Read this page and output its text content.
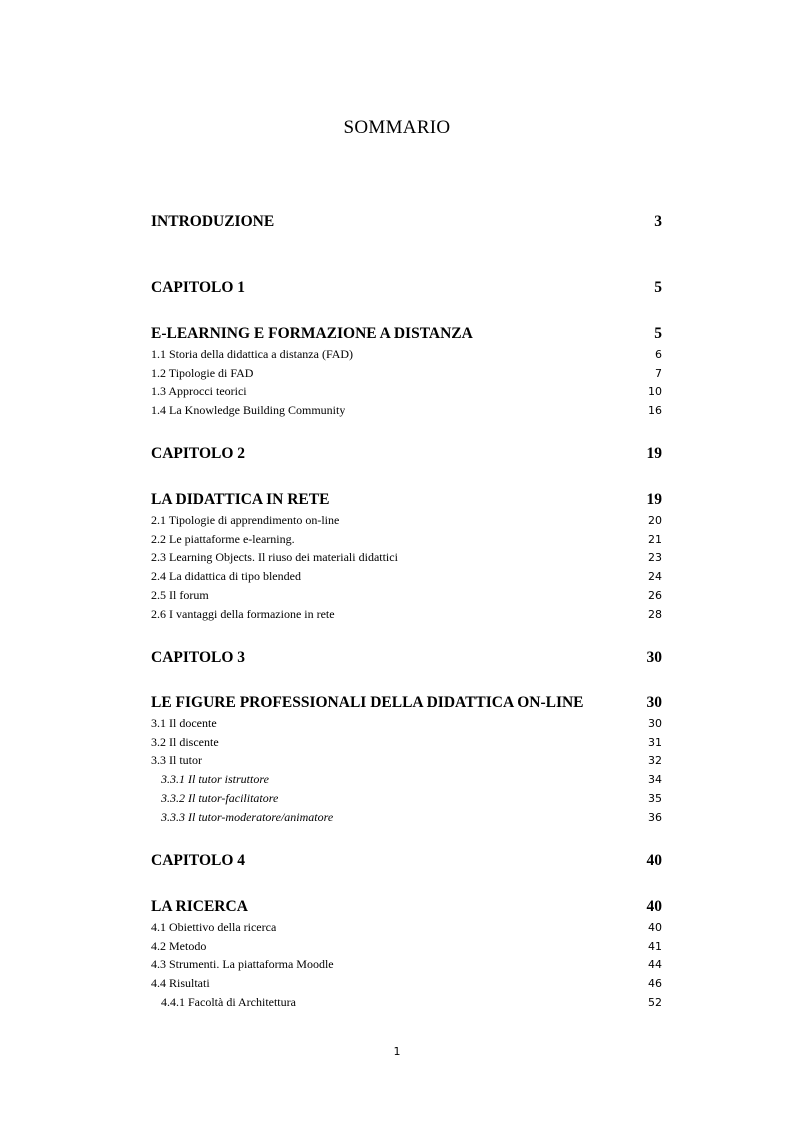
SOMMARIO
INTRODUZIONE	3
CAPITOLO 1	5
E-LEARNING E FORMAZIONE A DISTANZA	5
1.1 Storia della didattica a distanza (FAD)	6
1.2 Tipologie di FAD	7
1.3 Approcci teorici	10
1.4 La Knowledge Building Community	16
CAPITOLO 2	19
LA DIDATTICA IN RETE	19
2.1 Tipologie di apprendimento on-line	20
2.2 Le piattaforme e-learning.	21
2.3 Learning Objects. Il riuso dei materiali didattici	23
2.4 La didattica di tipo blended	24
2.5 Il forum	26
2.6 I vantaggi della formazione in rete	28
CAPITOLO 3	30
LE FIGURE PROFESSIONALI DELLA DIDATTICA ON-LINE	30
3.1 Il docente	30
3.2 Il discente	31
3.3 Il tutor	32
3.3.1 Il tutor istruttore	34
3.3.2 Il tutor-facilitatore	35
3.3.3 Il tutor-moderatore/animatore	36
CAPITOLO 4	40
LA RICERCA	40
4.1 Obiettivo della ricerca	40
4.2 Metodo	41
4.3 Strumenti. La piattaforma Moodle	44
4.4 Risultati	46
4.4.1 Facoltà di Architettura	52
1
